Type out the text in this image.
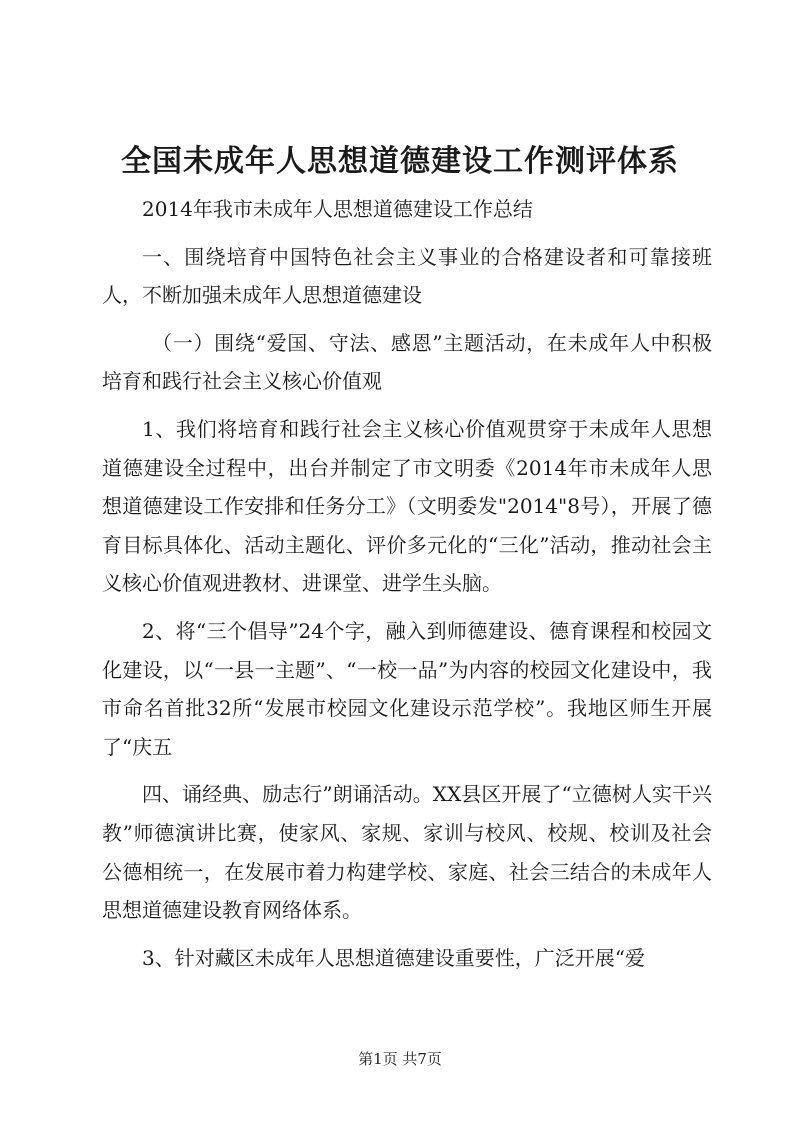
全国未成年人思想道德建设工作测评体系

2014年我市未成年人思想道德建设工作总结

一、围绕培育中国特色社会主义事业的合格建设者和可靠接班人，不断加强未成年人思想道德建设

（一）围绕“爱国、守法、感恩”主题活动，在未成年人中积极培育和践行社会主义核心价值观

1、我们将培育和践行社会主义核心价值观贯穿于未成年人思想道德建设全过程中，出台并制定了市文明委《2014年市未成年人思想道德建设工作安排和任务分工》（文明委发"2014"8号），开展了德育目标具体化、活动主题化、评价多元化的“三化”活动，推动社会主义核心价值观进教材、进课堂、进学生头脑。

2、将“三个倡导”24个字，融入到师德建设、德育课程和校园文化建设，以“一县一主题”、“一校一品”为内容的校园文化建设中，我市命名首批32所“发展市校园文化建设示范学校”。我地区师生开展了“庆五

四、诵经典、励志行”朗诵活动。XX县区开展了“立德树人实干兴教”师德演讲比赛，使家风、家规、家训与校风、校规、校训及社会公德相统一，在发展市着力构建学校、家庭、社会三结合的未成年人思想道德建设教育网络体系。

3、针对藏区未成年人思想道德建设重要性，广泛开展“爱

第1页 共7页
